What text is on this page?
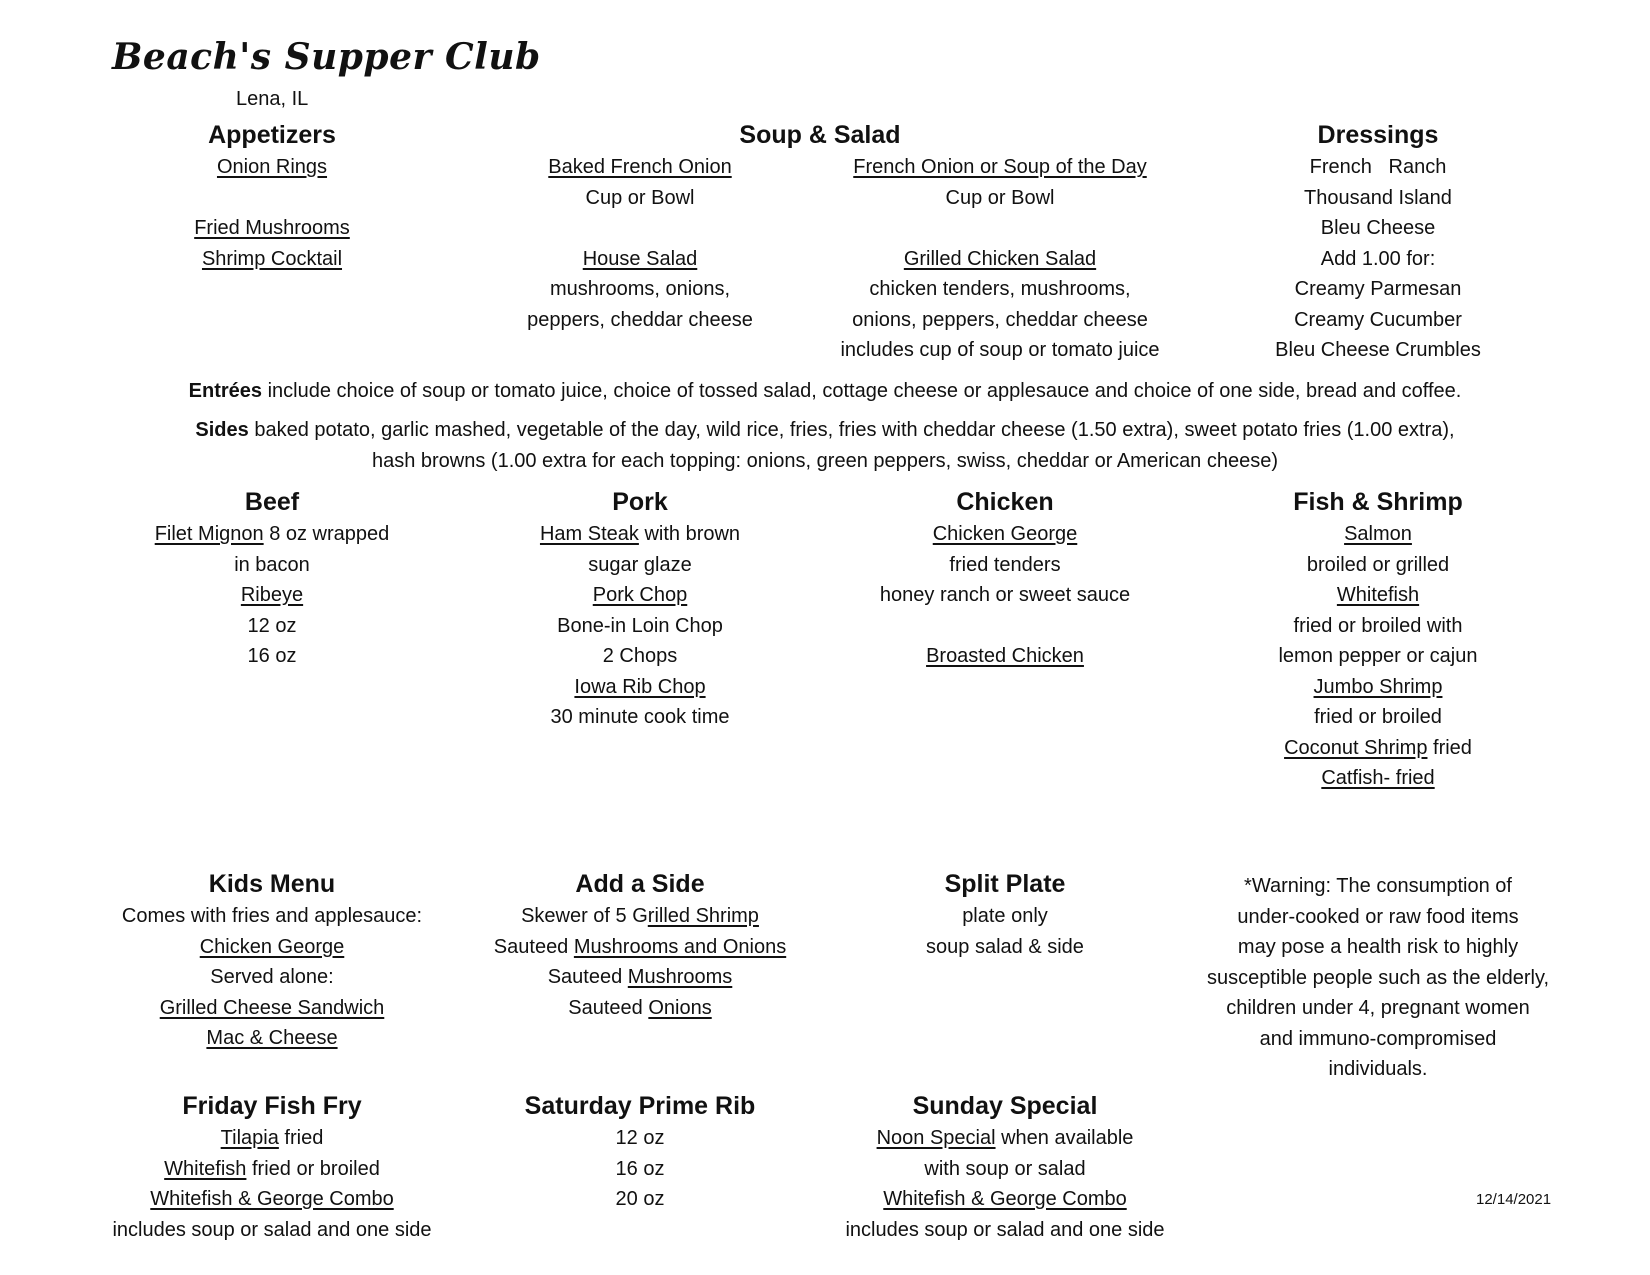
Beach's Supper Club
Lena, IL
Appetizers
Onion Rings
Fried Mushrooms
Shrimp Cocktail
Soup & Salad
Baked French Onion
Cup or Bowl
House Salad
mushrooms, onions,
peppers, cheddar cheese
French Onion or Soup of the Day
Cup or Bowl
Grilled Chicken Salad
chicken tenders, mushrooms,
onions, peppers, cheddar cheese
includes cup of soup or tomato juice
Dressings
French   Ranch
Thousand Island
Bleu Cheese
Add 1.00 for:
Creamy Parmesan
Creamy Cucumber
Bleu Cheese Crumbles
Entrées include choice of soup or tomato juice, choice of tossed salad, cottage cheese or applesauce and choice of one side, bread and coffee.
Sides baked potato, garlic mashed, vegetable of the day, wild rice, fries, fries with cheddar cheese (1.50 extra), sweet potato fries (1.00 extra),
hash browns (1.00 extra for each topping: onions, green peppers, swiss, cheddar or American cheese)
Beef
Filet Mignon 8 oz wrapped
in bacon
Ribeye
12 oz
16 oz
Pork
Ham Steak with brown
sugar glaze
Pork Chop
Bone-in Loin Chop
2 Chops
Iowa Rib Chop
30 minute cook time
Chicken
Chicken George
fried tenders
honey ranch or sweet sauce
Broasted Chicken
Fish & Shrimp
Salmon
broiled or grilled
Whitefish
fried or broiled with
lemon pepper or cajun
Jumbo Shrimp
fried or broiled
Coconut Shrimp fried
Catfish- fried
Kids Menu
Comes with fries and applesauce:
Chicken George
Served alone:
Grilled Cheese Sandwich
Mac & Cheese
Add a Side
Skewer of 5 Grilled Shrimp
Sauteed Mushrooms and Onions
Sauteed Mushrooms
Sauteed Onions
Split Plate
plate only
soup salad & side
*Warning: The consumption of
under-cooked or raw food items
may pose a health risk to highly
susceptible people such as the elderly,
children under 4, pregnant women
and immuno-compromised
individuals.
Friday Fish Fry
Tilapia fried
Whitefish fried or broiled
Whitefish & George Combo
includes soup or salad and one side
Saturday Prime Rib
12 oz
16 oz
20 oz
Sunday Special
Noon Special when available
with soup or salad
Whitefish & George Combo
includes soup or salad and one side
12/14/2021
